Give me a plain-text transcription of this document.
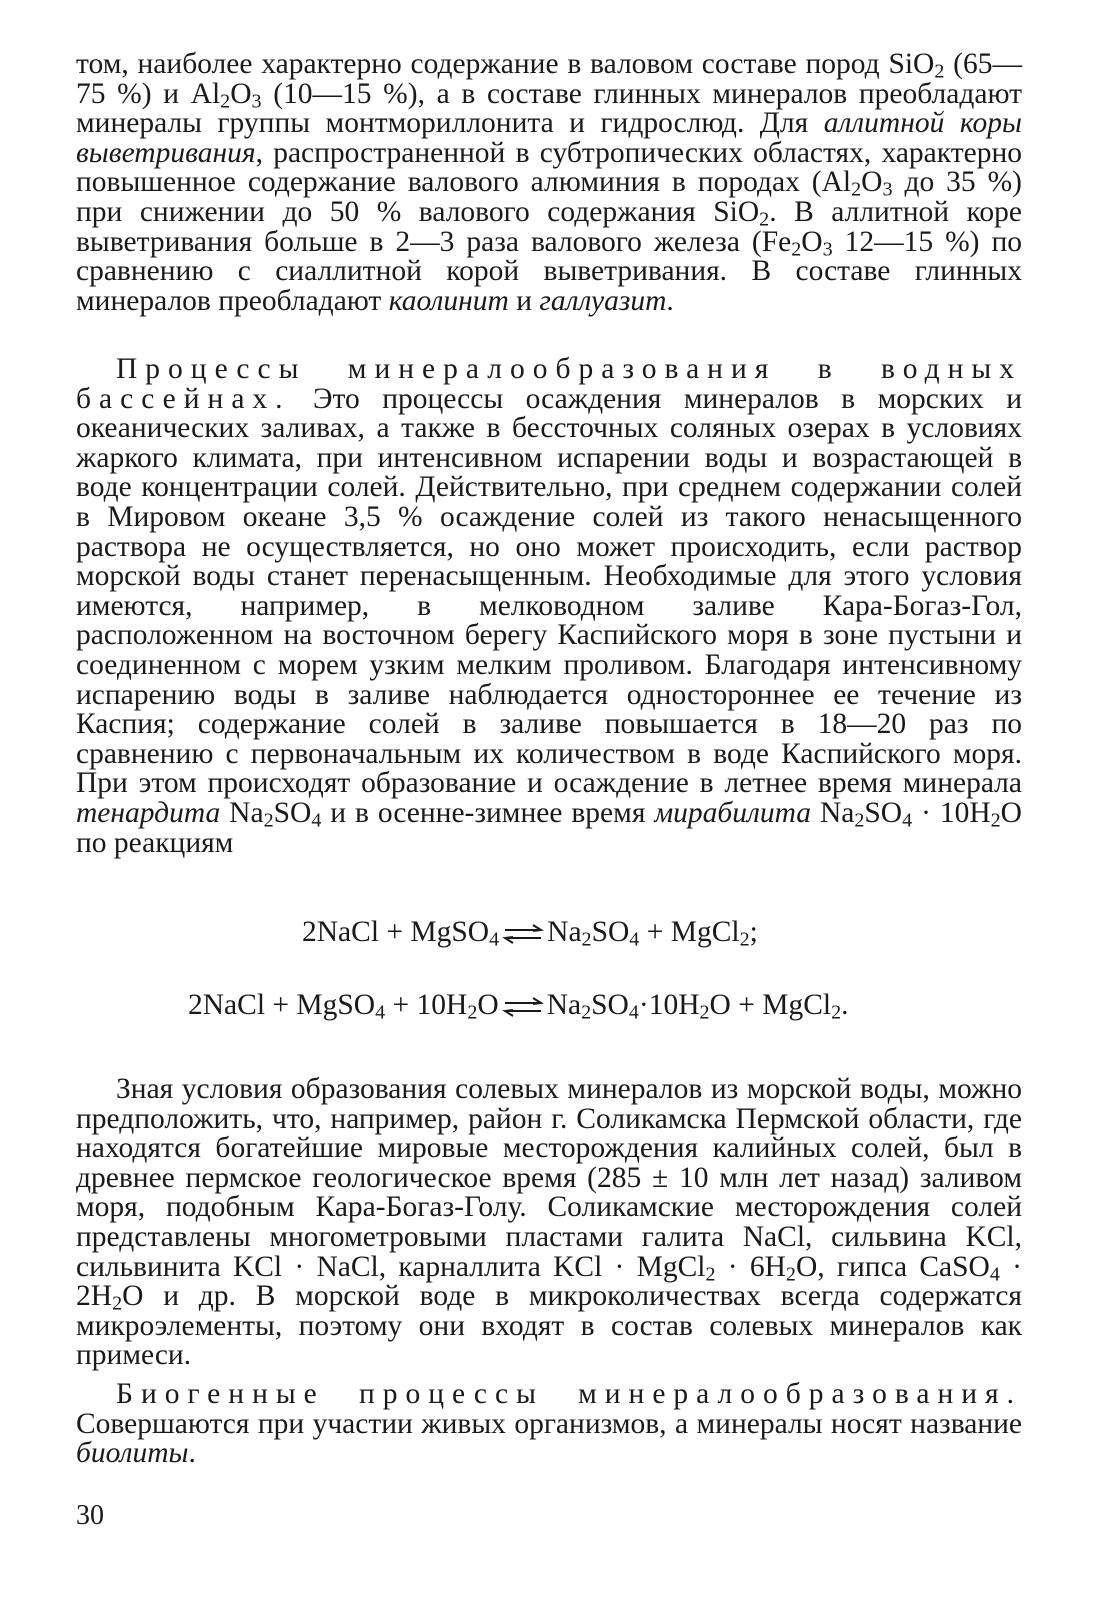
том, наиболее характерно содержание в валовом составе пород SiO$_2$ (65—75 %) и $Al_2O_3$ (10—15 %), а в составе глинных минералов преобладают минералы группы монтмориллонита и гидрослюд. Для аллитной коры выветривания, распространенной в субтропических областях, характерно повышенное содержание валового алюминия в породах ($Al_2O_3$ до 35 %) при снижении до 50 % валового содержания SiO$_2$. В аллитной коре выветривания больше в 2—3 раза валового железа ($Fe_2O_3$ 12—15 %) по сравнению с сиаллитной корой выветривания. В составе глинных минералов преобладают каолинит и галлуазит.

Процессы минералообразования в водных бассейнах. Это процессы осаждения минералов в морских и океанических заливах, а также в бессточных соляных озерах в условиях жаркого климата, при интенсивном испарении воды и возрастающей в воде концентрации солей. Действительно, при среднем содержании солей в Мировом океане 3,5 % осаждение солей из такого ненасыщенного раствора не осуществляется, но оно может происходить, если раствор морской воды станет перенасыщенным. Необходимые для этого условия имеются, например, в мелководном заливе Кара-Богаз-Гол, расположенном на восточном берегу Каспийского моря в зоне пустыни и соединенном с морем узким мелким проливом. Благодаря интенсивному испарению воды в заливе наблюдается одностороннее ее течение из Каспия; содержание солей в заливе повышается в 18—20 раз по сравнению с первоначальным их количеством в воде Каспийского моря. При этом происходят образование и осаждение в летнее время минерала тенардита $Na_2SO_4$ и в осенне-зимнее время мирабилита $Na_2SO_4 \cdot 10H_2O$ по реакциям

2NaCl + MgSO$_4$ ⇌ $Na_2SO_4$ + MgCl$_2$;
2NaCl + MgSO$_4$ + $10H_2O$ ⇌ $Na_2SO_4\cdot 10H_2O$ + MgCl$_2$.

Зная условия образования солевых минералов из морской воды, можно предположить, что, например, район г. Соликамска Пермской области, где находятся богатейшие мировые месторождения калийных солей, был в древнее пермское геологическое время (285 ± 10 млн лет назад) заливом моря, подобным Кара-Богаз-Голу. Соликамские месторождения солей представлены многометровыми пластами галита NaCl, сильвина KCl, сильвинита KCl · NaCl, карналлита KCl · MgCl$_2$ · $6H_2O$, гипса CaSO$_4$ · $2H_2O$ и др. В морской воде в микроколичествах всегда содержатся микроэлементы, поэтому они входят в состав солевых минералов как примеси.

Биогенные процессы минералообразования. Совершаются при участии живых организмов, а минералы носят название биолиты.

30
